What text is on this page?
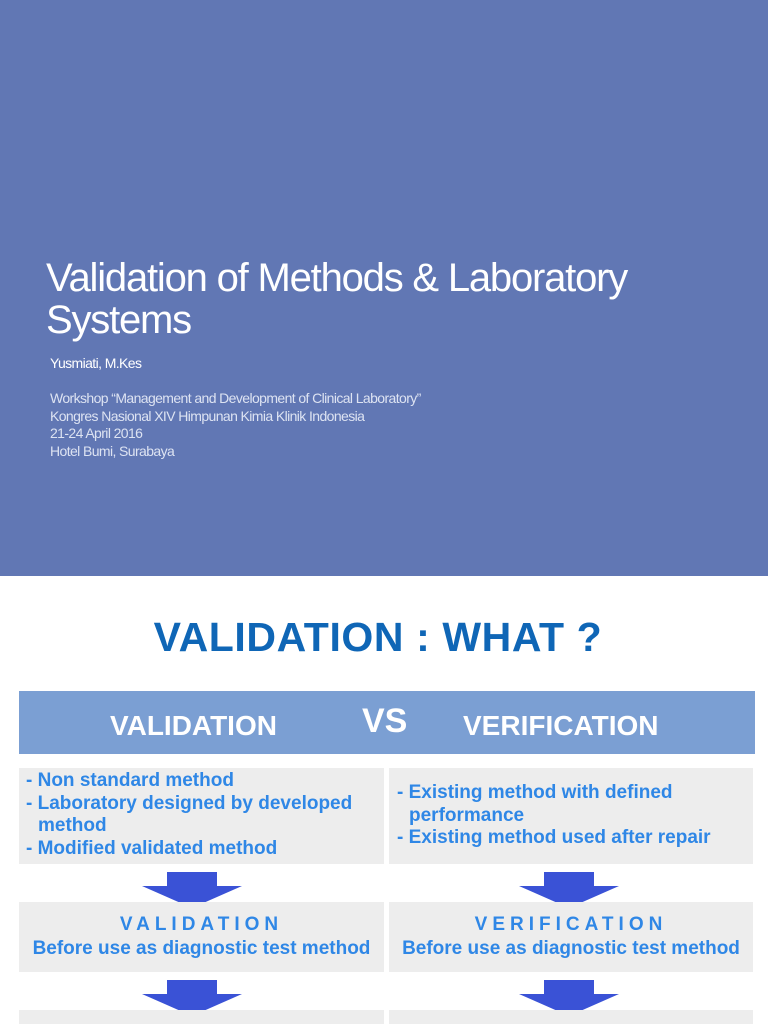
Validation of Methods & Laboratory Systems
Yusmiati, M.Kes
Workshop “Management and Development of Clinical Laboratory”
Kongres Nasional XIV Himpunan Kimia Klinik Indonesia
21-24 April 2016
Hotel Bumi, Surabaya
VALIDATION : WHAT ?
VALIDATION	VS VERIFICATION
- Non standard method
- Laboratory designed by developed method
- Modified validated method
- Existing method with defined performance
- Existing method used after repair
VALIDATION
Before use as diagnostic test method
VERIFICATION
Before use as diagnostic test method
